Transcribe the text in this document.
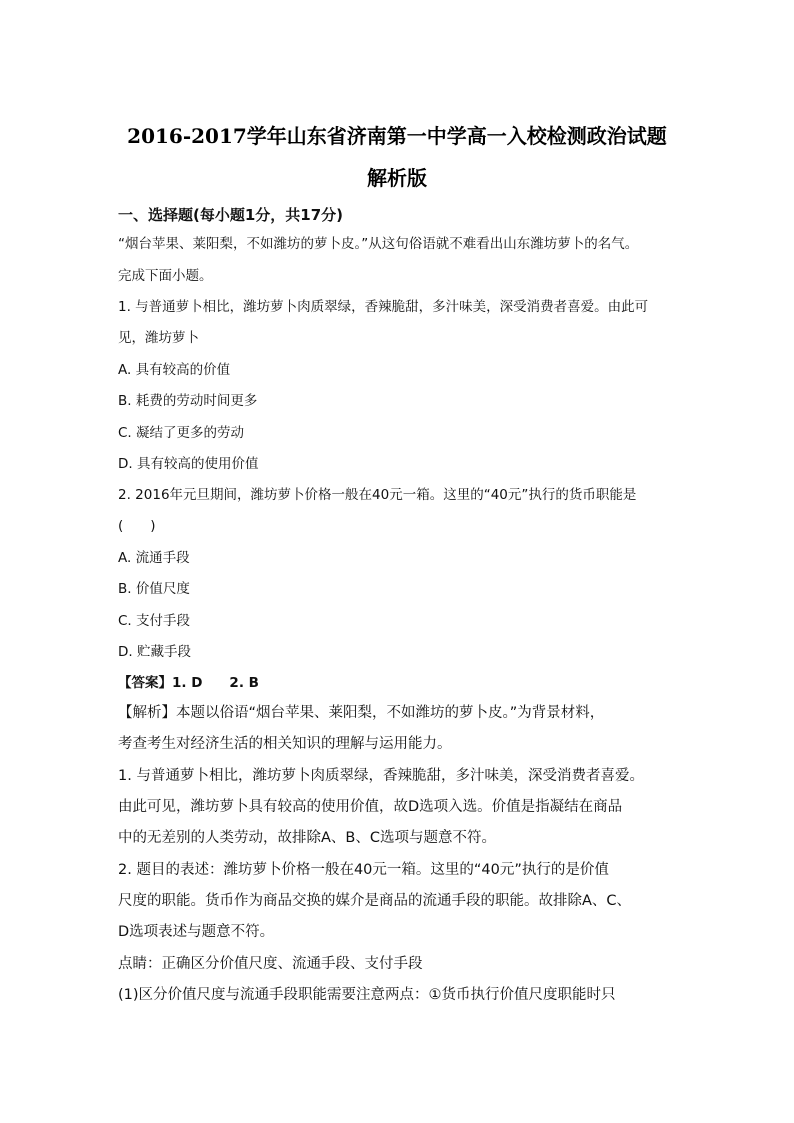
2016-2017学年山东省济南第一中学高一入校检测政治试题
解析版
一、选择题(每小题1分，共17分)
“烟台苹果、莱阳梨，不如潍坊的萝卜皮。”从这句俗语就不难看出山东潍坊萝卜的名气。
完成下面小题。
1. 与普通萝卜相比，潍坊萝卜肉质翠绿，香辣脆甜，多汁味美，深受消费者喜爱。由此可
见，潍坊萝卜
A. 具有较高的价值
B. 耗费的劳动时间更多
C. 凝结了更多的劳动
D. 具有较高的使用价值
2. 2016年元旦期间，潍坊萝卜价格一般在40元一箱。这里的“40元”执行的货币职能是
(　　)
A. 流通手段
B. 价值尺度
C. 支付手段
D. 贮藏手段
【答案】1. D　　2. B
【解析】本题以俗语“烟台苹果、莱阳梨，不如潍坊的萝卜皮。”为背景材料，
考查考生对经济生活的相关知识的理解与运用能力。
1. 与普通萝卜相比，潍坊萝卜肉质翠绿，香辣脆甜，多汁味美，深受消费者喜爱。
由此可见，潍坊萝卜具有较高的使用价值，故D选项入选。价值是指凝结在商品
中的无差别的人类劳动，故排除A、B、C选项与题意不符。
2. 题目的表述：潍坊萝卜价格一般在40元一箱。这里的“40元”执行的是价值
尺度的职能。货币作为商品交换的媒介是商品的流通手段的职能。故排除A、C、
D选项表述与题意不符。
点睛：正确区分价值尺度、流通手段、支付手段
(1)区分价值尺度与流通手段职能需要注意两点：①货币执行价值尺度职能时只
